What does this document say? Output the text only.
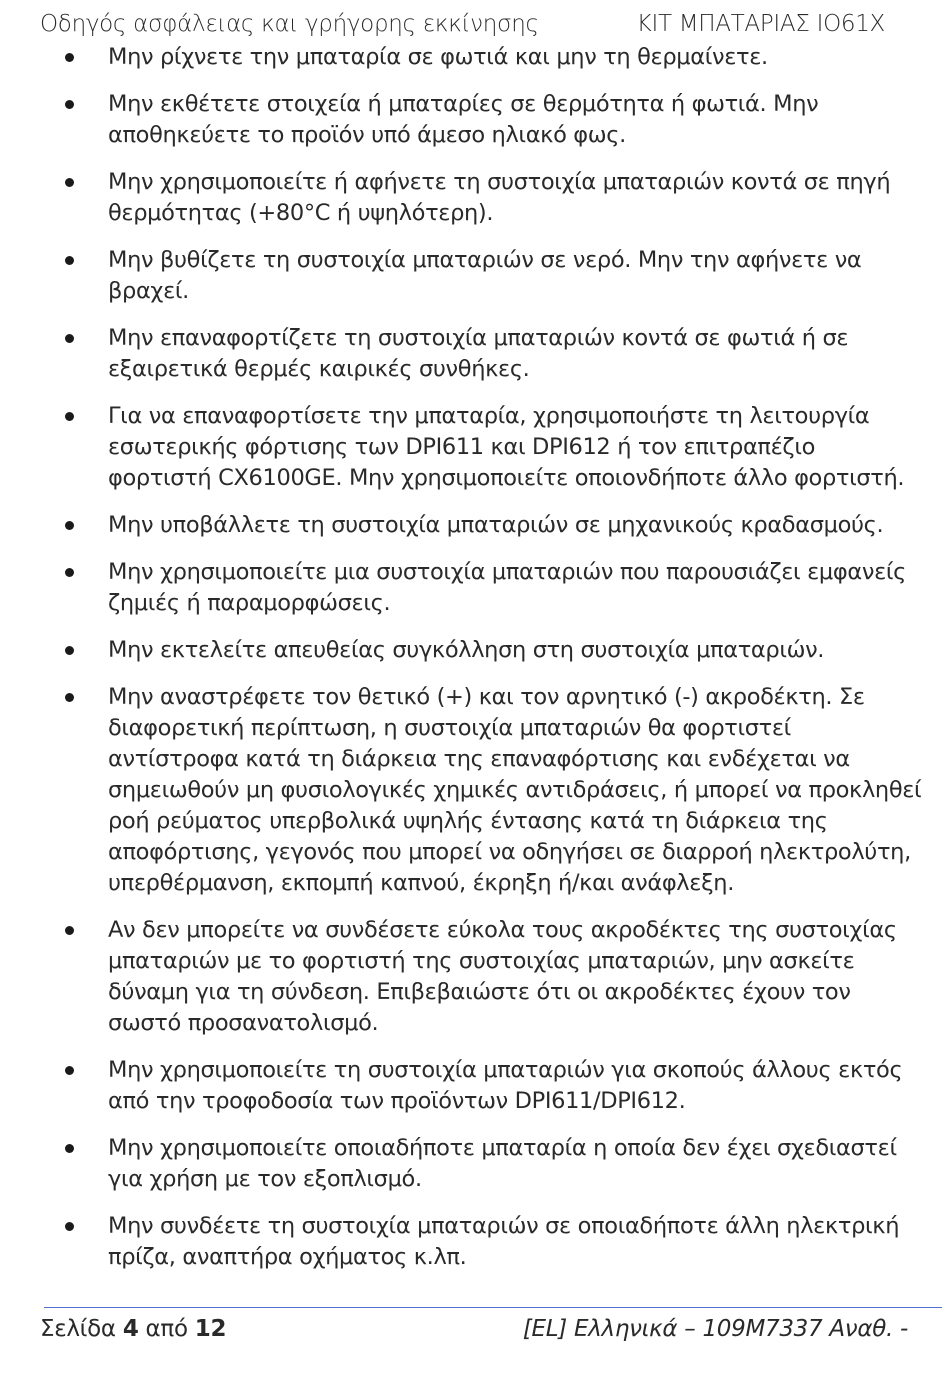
Οδηγός ασφάλειας και γρήγορης εκκίνησης	ΚΙΤ ΜΠΑΤΑΡΙΑΣ IO61X
Μην ρίχνετε την μπαταρία σε φωτιά και μην τη θερμαίνετε.
Μην εκθέτετε στοιχεία ή μπαταρίες σε θερμότητα ή φωτιά. Μην αποθηκεύετε το προϊόν υπό άμεσο ηλιακό φως.
Μην χρησιμοποιείτε ή αφήνετε τη συστοιχία μπαταριών κοντά σε πηγή θερμότητας (+80°C ή υψηλότερη).
Μην βυθίζετε τη συστοιχία μπαταριών σε νερό. Μην την αφήνετε να βραχεί.
Μην επαναφορτίζετε τη συστοιχία μπαταριών κοντά σε φωτιά ή σε εξαιρετικά θερμές καιρικές συνθήκες.
Για να επαναφορτίσετε την μπαταρία, χρησιμοποιήστε τη λειτουργία εσωτερικής φόρτισης των DPI611 και DPI612 ή τον επιτραπέζιο φορτιστή CX6100GE. Μην χρησιμοποιείτε οποιονδήποτε άλλο φορτιστή.
Μην υποβάλλετε τη συστοιχία μπαταριών σε μηχανικούς κραδασμούς.
Μην χρησιμοποιείτε μια συστοιχία μπαταριών που παρουσιάζει εμφανείς ζημιές ή παραμορφώσεις.
Μην εκτελείτε απευθείας συγκόλληση στη συστοιχία μπαταριών.
Μην αναστρέφετε τον θετικό (+) και τον αρνητικό (-) ακροδέκτη. Σε διαφορετική περίπτωση, η συστοιχία μπαταριών θα φορτιστεί αντίστροφα κατά τη διάρκεια της επαναφόρτισης και ενδέχεται να σημειωθούν μη φυσιολογικές χημικές αντιδράσεις, ή μπορεί να προκληθεί ροή ρεύματος υπερβολικά υψηλής έντασης κατά τη διάρκεια της αποφόρτισης, γεγονός που μπορεί να οδηγήσει σε διαρροή ηλεκτρολύτη, υπερθέρμανση, εκπομπή καπνού, έκρηξη ή/και ανάφλεξη.
Αν δεν μπορείτε να συνδέσετε εύκολα τους ακροδέκτες της συστοιχίας μπαταριών με το φορτιστή της συστοιχίας μπαταριών, μην ασκείτε δύναμη για τη σύνδεση. Επιβεβαιώστε ότι οι ακροδέκτες έχουν τον σωστό προσανατολισμό.
Μην χρησιμοποιείτε τη συστοιχία μπαταριών για σκοπούς άλλους εκτός από την τροφοδοσία των προϊόντων DPI611/DPI612.
Μην χρησιμοποιείτε οποιαδήποτε μπαταρία η οποία δεν έχει σχεδιαστεί για χρήση με τον εξοπλισμό.
Μην συνδέετε τη συστοιχία μπαταριών σε οποιαδήποτε άλλη ηλεκτρική πρίζα, αναπτήρα οχήματος κ.λπ.
Σελίδα 4 από 12	[EL] Ελληνικά – 109M7337 Αναθ. -
